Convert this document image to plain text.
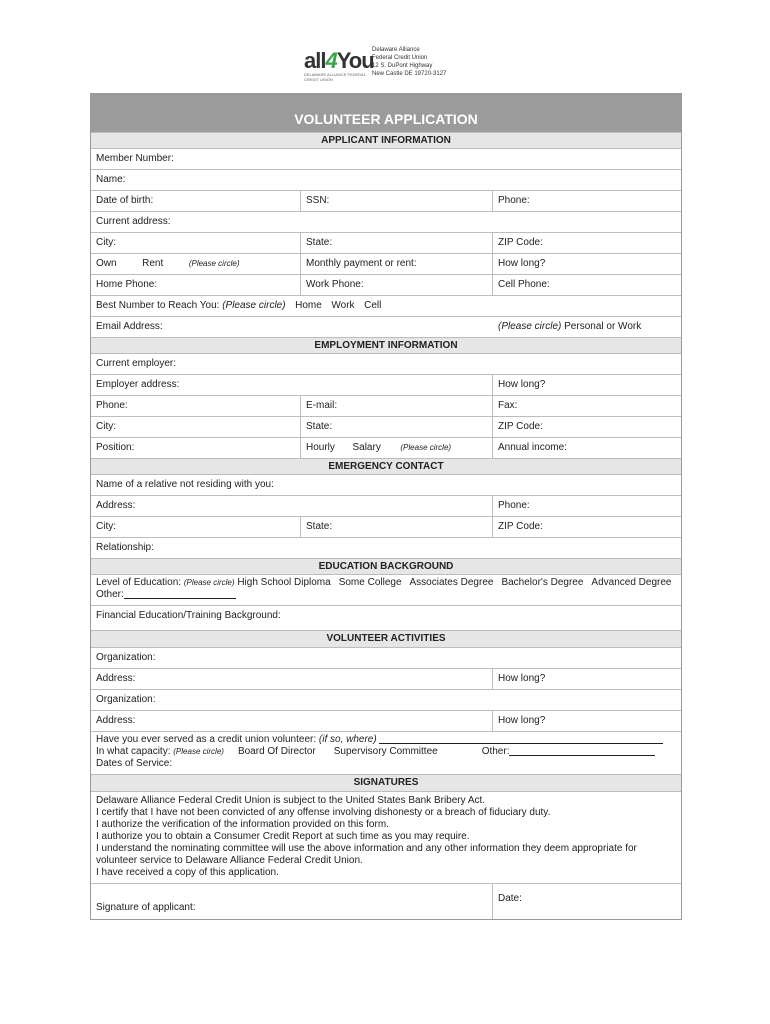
all4You
DELAWARE ALLIANCE FEDERAL CREDIT UNION
Delaware Alliance
Federal Credit Union
12 S. DuPont Highway
New Castle DE 19720-3127
VOLUNTEER APPLICATION
APPLICANT INFORMATION
Member Number:
Name:
Date of birth:	SSN:	Phone:
Current address:
City:	State:	ZIP Code:
Own	Rent	(Please circle)	Monthly payment or rent:	How long?
Home Phone:	Work Phone:	Cell Phone:
Best Number to Reach You: (Please circle) Home Work Cell
Email Address:	(Please circle) Personal or Work
EMPLOYMENT INFORMATION
Current employer:
Employer address:	How long?
Phone:	E-mail:	Fax:
City:	State:	ZIP Code:
Position:	Hourly Salary (Please circle)	Annual income:
EMERGENCY CONTACT
Name of a relative not residing with you:
Address:	Phone:
City:	State:	ZIP Code:
Relationship:
EDUCATION BACKGROUND
Level of Education:
(Please circle)
High School Diploma Some College Associates Degree Bachelor's Degree Advanced Degree
Other:
Financial Education/Training Background:
VOLUNTEER ACTIVITIES
Organization:
Address:	How long?
Organization:
Address:	How long?
Have you ever served as a credit union volunteer:
(if so, where)

In what capacity:
(Please circle) Board Of Director Supervisory Committee	Other:
Dates of Service:
SIGNATURES
Delaware Alliance Federal Credit Union is subject to the United States Bank Bribery Act.
I certify that I have not been convicted of any offense involving dishonesty or a breach of fiduciary duty.
I authorize the verification of the information provided on this form.
I authorize you to obtain a Consumer Credit Report at such time as you may require.
I understand the nominating committee will use the above information and any other information they deem appropriate for
volunteer service to Delaware Alliance Federal Credit Union.
I have received a copy of this application.
Signature of applicant:
Date:
